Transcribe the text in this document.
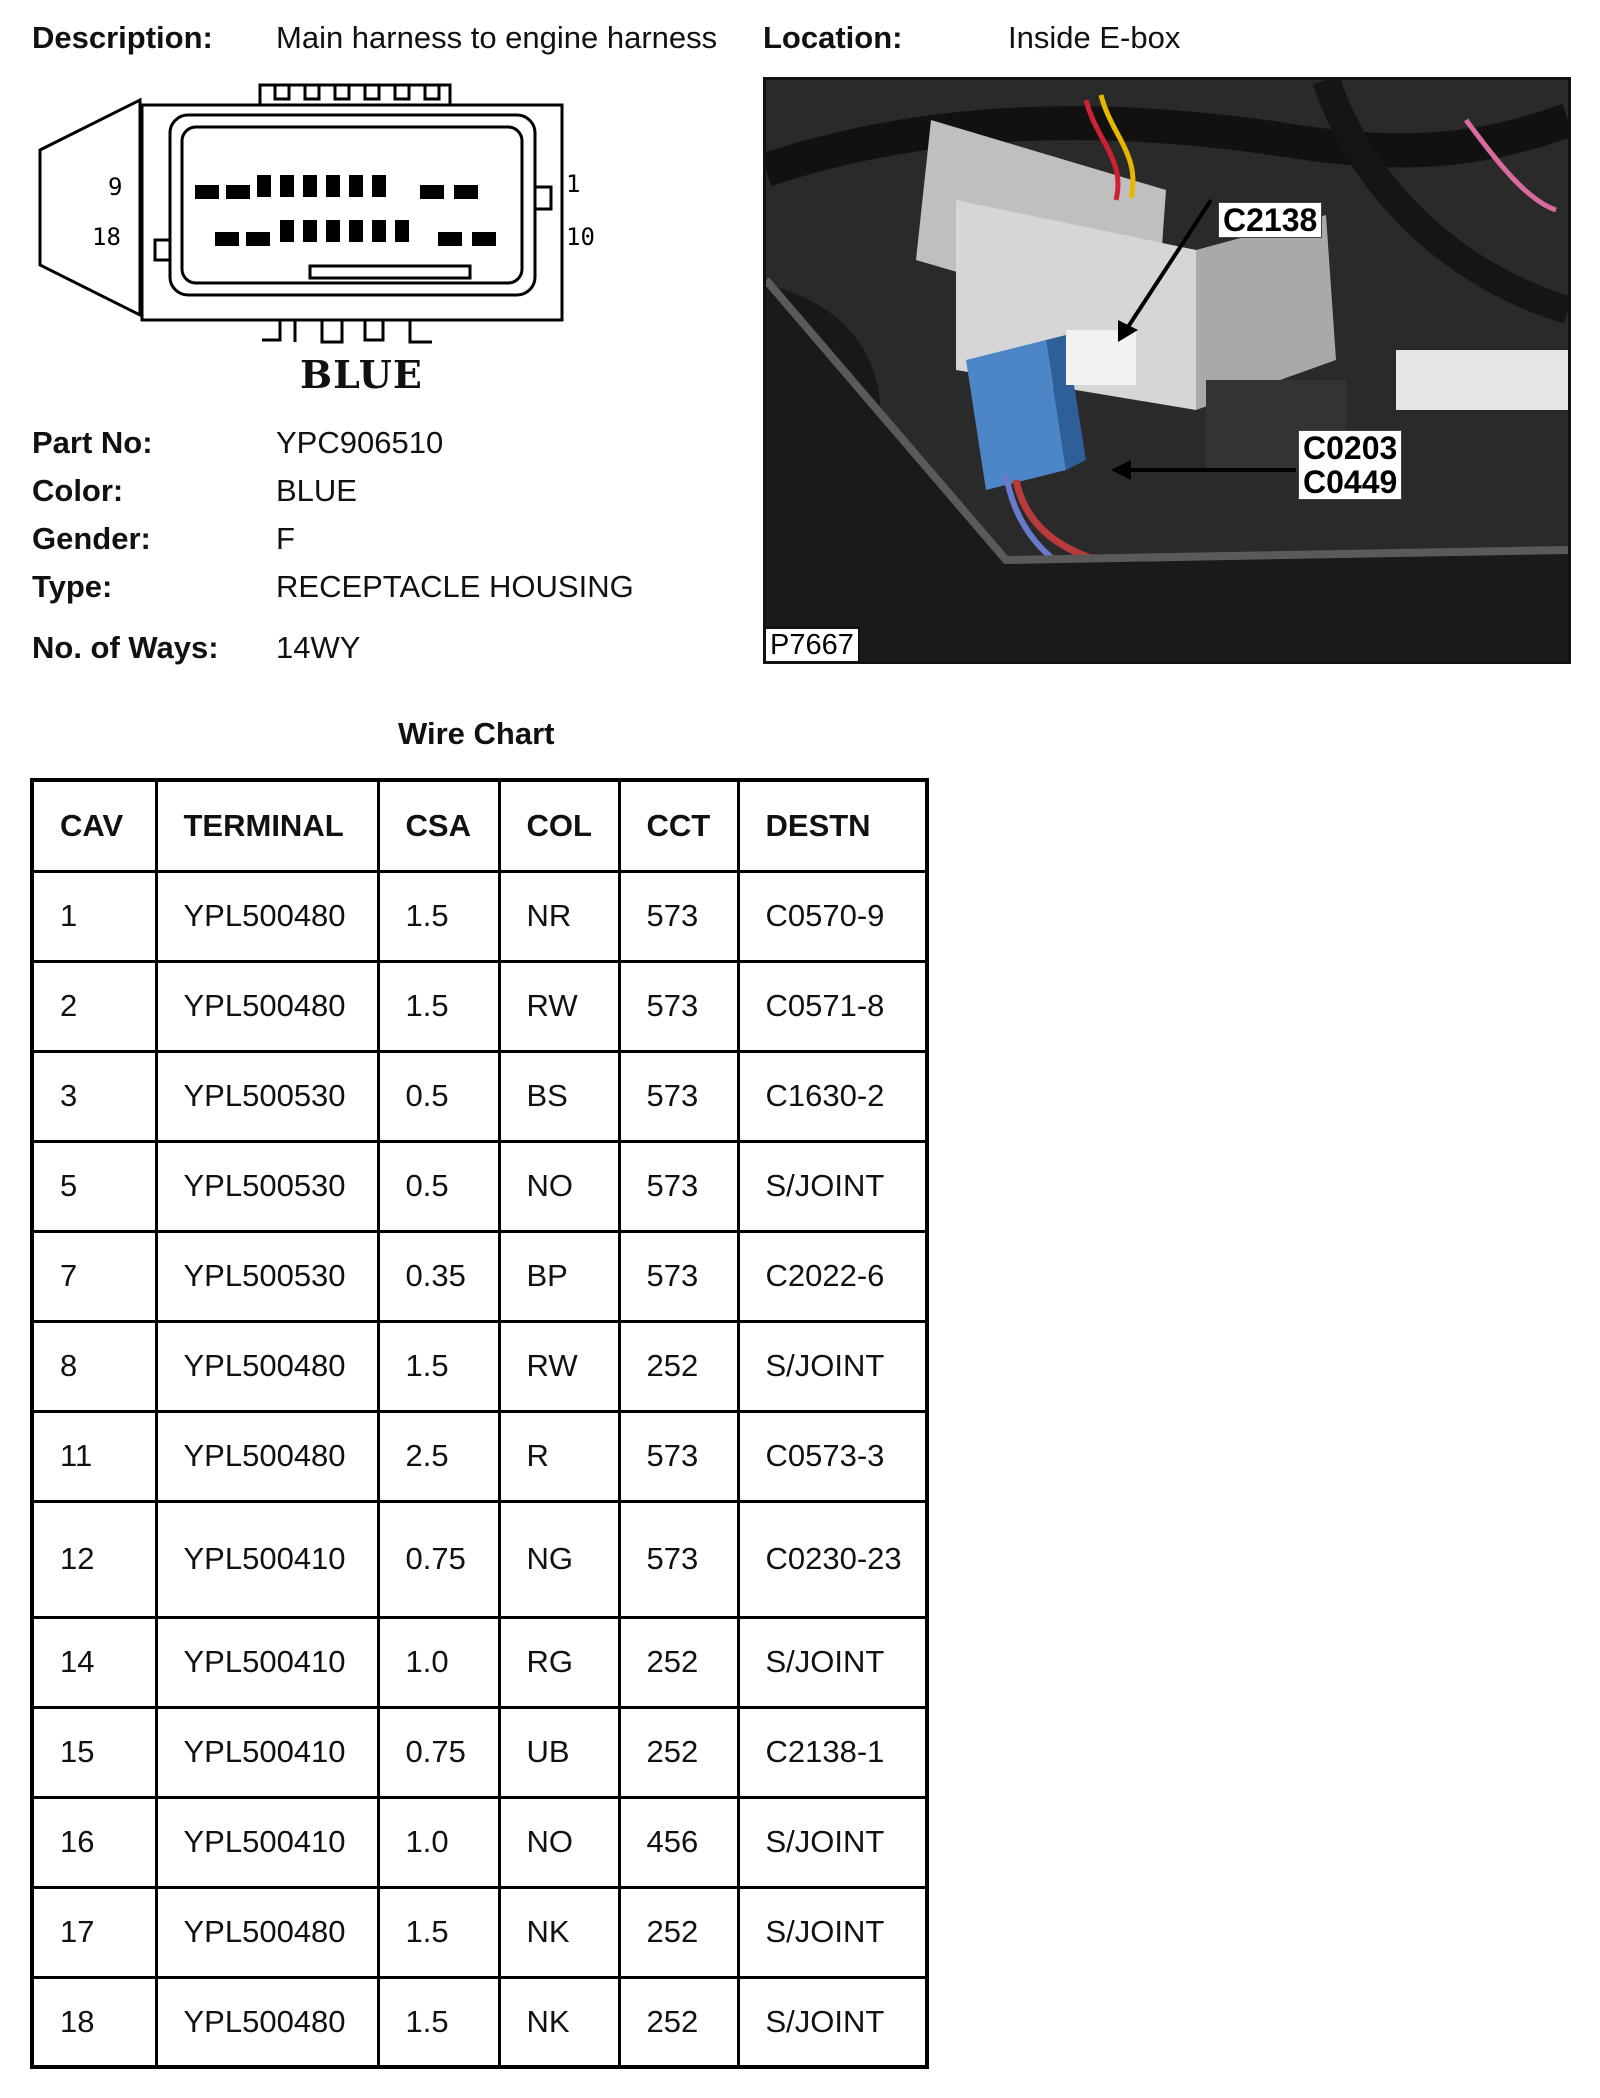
Description: Main harness to engine harness Location:	Inside E-box
9
18
1
10
BLUE
Part No:	YPC906510
Color:	BLUE
Gender:	F
Type:	RECEPTACLE HOUSING
No. of Ways: 14WY
C2138
C0203
C0449
P7667
Wire Chart
CAV	TERMINAL	CSA	COL	CCT	DESTN
1	YPL500480	1.5	NR	573	C0570-9
2	YPL500480	1.5	RW	573	C0571-8
3	YPL500530	0.5	BS	573	C1630-2
5	YPL500530	0.5	NO	573	S/JOINT
7	YPL500530	0.35	BP	573	C2022-6
8	YPL500480	1.5	RW	252	S/JOINT
11	YPL500480	2.5	R	573	C0573-3
12	YPL500410	0.75	NG	573	C0230-23
14	YPL500410	1.0	RG	252	S/JOINT
15	YPL500410	0.75	UB	252	C2138-1
16	YPL500410	1.0	NO	456	S/JOINT
17	YPL500480	1.5	NK	252	S/JOINT
18	YPL500480	1.5	NK	252	S/JOINT
